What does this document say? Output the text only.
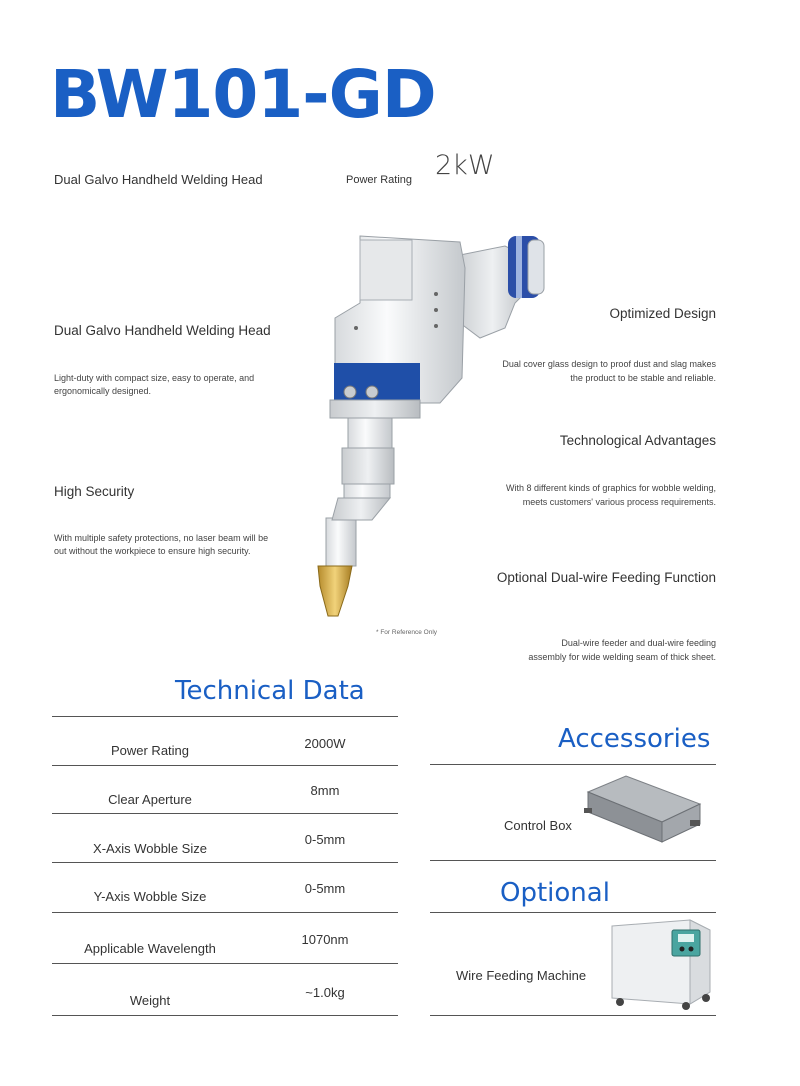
BW101-GD
Dual Galvo Handheld Welding Head	Power Rating 2kW
Dual Galvo Handheld Welding Head
Light-duty with compact size, easy to operate, and
ergonomically designed.
High Security
With multiple safety protections, no laser beam will be
out without the workpiece to ensure high security.
Optimized Design
Dual cover glass design to proof dust and slag makes
the product to be stable and reliable.
Technological Advantages
With 8 different kinds of graphics for wobble welding,
meets customers' various process requirements.
Optional Dual-wire Feeding Function
Dual-wire feeder and dual-wire feeding
assembly for wide welding seam of thick sheet.
* For Reference Only
Technical Data
Power Rating	2000W
Clear Aperture
8mm
X-Axis Wobble Size
0-5mm
Y-Axis Wobble Size
0-5mm
Applicable Wavelength
1070nm
Weight
~1.0kg
Accessories
Control Box
Optional
Wire Feeding Machine
